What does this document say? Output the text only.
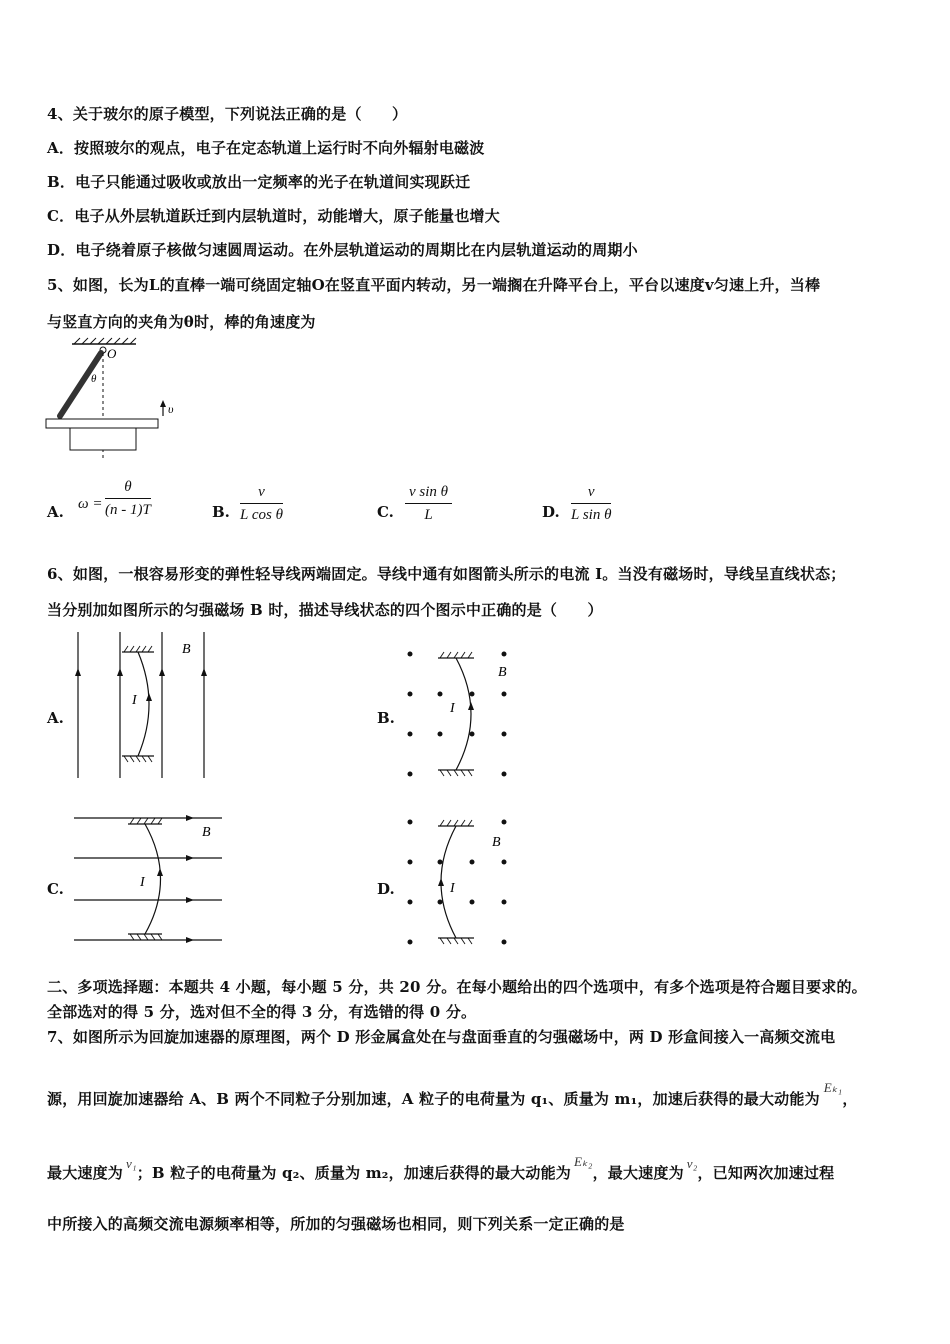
4、关于玻尔的原子模型，下列说法正确的是（　　）
A．按照玻尔的观点，电子在定态轨道上运行时不向外辐射电磁波
B．电子只能通过吸收或放出一定频率的光子在轨道间实现跃迁
C．电子从外层轨道跃迁到内层轨道时，动能增大，原子能量也增大
D．电子绕着原子核做匀速圆周运动。在外层轨道运动的周期比在内层轨道运动的周期小
5、如图，长为L的直棒一端可绕固定轴O在竖直平面内转动，另一端搁在升降平台上，平台以速度v匀速上升，当棒
与竖直方向的夹角为θ时，棒的角速度为
O
θ
υ
A. $\omega = \frac{\theta}{(n - 1)T}$	B. $\frac{v}{\text{L cos θ}}$	C. $\frac{\text{v sin θ}}{L}$	D. $\frac{v}{\text{L sin θ}}$
6、如图，一根容易形变的弹性轻导线两端固定。导线中通有如图箭头所示的电流 I。当没有磁场时，导线呈直线状态；
当分别加如图所示的匀强磁场 B 时，描述导线状态的四个图示中正确的是（　　）
A.
I
B
B.
I
B
C.	I
B
D.	I
B
二、多项选择题：本题共 4 小题，每小题 5 分，共 20 分。在每小题给出的四个选项中，有多个选项是符合题目要求的。
全部选对的得 5 分，选对但不全的得 3 分，有选错的得 0 分。
7、如图所示为回旋加速器的原理图，两个 D 形金属盒处在与盘面垂直的匀强磁场中，两 D 形盒间接入一高频交流电
源，用回旋加速器给 A、B 两个不同粒子分别加速，A 粒子的电荷量为 q₁、质量为 m₁，加速后获得的最大动能为Eₖ₁，
最大速度为v₁；B 粒子的电荷量为 q₂、质量为 m₂，加速后获得的最大动能为Eₖ₂，最大速度为v₂，已知两次加速过程
中所接入的高频交流电源频率相等，所加的匀强磁场也相同，则下列关系一定正确的是
